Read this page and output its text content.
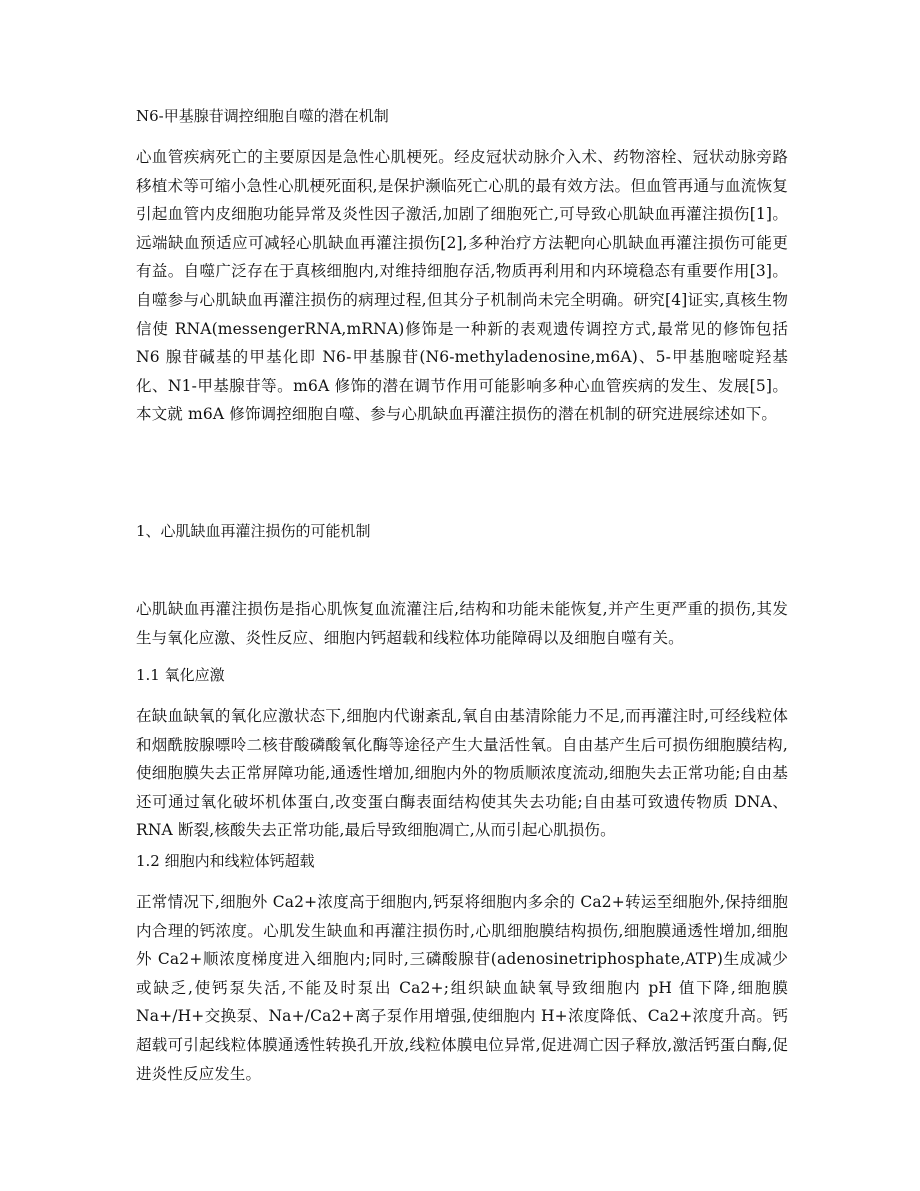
N6-甲基腺苷调控细胞自噬的潜在机制

心血管疾病死亡的主要原因是急性心肌梗死。经皮冠状动脉介入术、药物溶栓、冠状动脉旁路移植术等可缩小急性心肌梗死面积,是保护濒临死亡心肌的最有效方法。但血管再通与血流恢复引起血管内皮细胞功能异常及炎性因子激活,加剧了细胞死亡,可导致心肌缺血再灌注损伤[1]。远端缺血预适应可减轻心肌缺血再灌注损伤[2],多种治疗方法靶向心肌缺血再灌注损伤可能更有益。自噬广泛存在于真核细胞内,对维持细胞存活,物质再利用和内环境稳态有重要作用[3]。自噬参与心肌缺血再灌注损伤的病理过程,但其分子机制尚未完全明确。研究[4]证实,真核生物信使 RNA(messengerRNA,mRNA)修饰是一种新的表观遗传调控方式,最常见的修饰包括 N6 腺苷碱基的甲基化即 N6-甲基腺苷(N6-methyladenosine,m6A)、5-甲基胞嘧啶羟基化、N1-甲基腺苷等。m6A 修饰的潜在调节作用可能影响多种心血管疾病的发生、发展[5]。本文就 m6A 修饰调控细胞自噬、参与心肌缺血再灌注损伤的潜在机制的研究进展综述如下。

1、心肌缺血再灌注损伤的可能机制

心肌缺血再灌注损伤是指心肌恢复血流灌注后,结构和功能未能恢复,并产生更严重的损伤,其发生与氧化应激、炎性反应、细胞内钙超载和线粒体功能障碍以及细胞自噬有关。

1.1 氧化应激

在缺血缺氧的氧化应激状态下,细胞内代谢紊乱,氧自由基清除能力不足,而再灌注时,可经线粒体和烟酰胺腺嘌呤二核苷酸磷酸氧化酶等途径产生大量活性氧。自由基产生后可损伤细胞膜结构,使细胞膜失去正常屏障功能,通透性增加,细胞内外的物质顺浓度流动,细胞失去正常功能;自由基还可通过氧化破坏机体蛋白,改变蛋白酶表面结构使其失去功能;自由基可致遗传物质 DNA、RNA 断裂,核酸失去正常功能,最后导致细胞凋亡,从而引起心肌损伤。

1.2 细胞内和线粒体钙超载

正常情况下,细胞外 Ca2+浓度高于细胞内,钙泵将细胞内多余的 Ca2+转运至细胞外,保持细胞内合理的钙浓度。心肌发生缺血和再灌注损伤时,心肌细胞膜结构损伤,细胞膜通透性增加,细胞外 Ca2+顺浓度梯度进入细胞内;同时,三磷酸腺苷(adenosinetriphosphate,ATP)生成减少或缺乏,使钙泵失活,不能及时泵出 Ca2+;组织缺血缺氧导致细胞内 pH 值下降,细胞膜 Na+/H+交换泵、Na+/Ca2+离子泵作用增强,使细胞内 H+浓度降低、Ca2+浓度升高。钙超载可引起线粒体膜通透性转换孔开放,线粒体膜电位异常,促进凋亡因子释放,激活钙蛋白酶,促进炎性反应发生。
